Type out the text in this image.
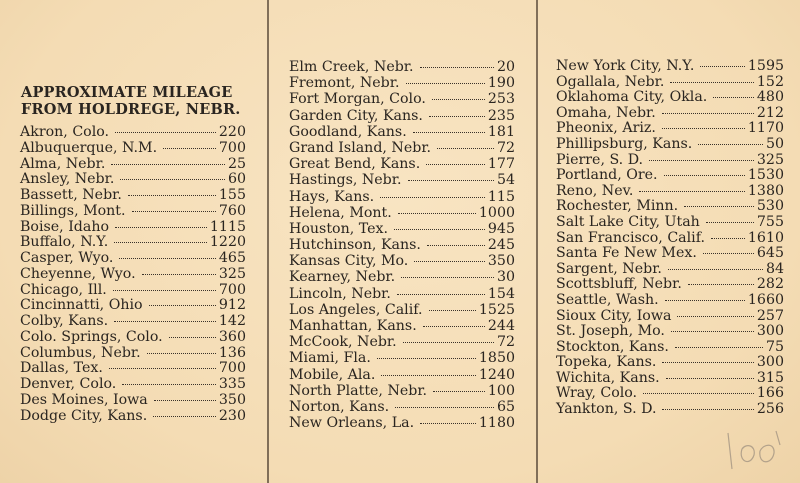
APPROXIMATE MILEAGE
FROM HOLDREGE, NEBR.
Akron, Colo.	220
Albuquerque, N.M.	700
Alma, Nebr.	25
Ansley, Nebr.	60
Bassett, Nebr.	155
Billings, Mont.	760
Boise, Idaho	1115
Buffalo, N.Y.	1220
Casper, Wyo.	465
Cheyenne, Wyo.	325
Chicago, Ill.	700
Cincinnatti, Ohio	912
Colby, Kans.	142
Colo. Springs, Colo.	360
Columbus, Nebr.	136
Dallas, Tex.	700
Denver, Colo.	335
Des Moines, Iowa	350
Dodge City, Kans.	230
Elm Creek, Nebr.	20
Fremont, Nebr.	190
Fort Morgan, Colo.	253
Garden City, Kans.	235
Goodland, Kans.	181
Grand Island, Nebr.	72
Great Bend, Kans.	177
Hastings, Nebr.	54
Hays, Kans.	115
Helena, Mont.	1000
Houston, Tex.	945
Hutchinson, Kans.	245
Kansas City, Mo.	350
Kearney, Nebr.	30
Lincoln, Nebr.	154
Los Angeles, Calif.	1525
Manhattan, Kans.	244
McCook, Nebr.	72
Miami, Fla.	1850
Mobile, Ala.	1240
North Platte, Nebr.	100
Norton, Kans.	65
New Orleans, La.	1180
New York City, N.Y.	1595
Ogallala, Nebr.	152
Oklahoma City, Okla.	480
Omaha, Nebr.	212
Pheonix, Ariz.	1170
Phillipsburg, Kans.	50
Pierre, S. D.	325
Portland, Ore.	1530
Reno, Nev.	1380
Rochester, Minn.	530
Salt Lake City, Utah	755
San Francisco, Calif.	1610
Santa Fe New Mex.	645
Sargent, Nebr.	84
Scottsbluff, Nebr.	282
Seattle, Wash.	1660
Sioux City, Iowa	257
St. Joseph, Mo.	300
Stockton, Kans.	75
Topeka, Kans.	300
Wichita, Kans.	315
Wray, Colo.	166
Yankton, S. D.	256
